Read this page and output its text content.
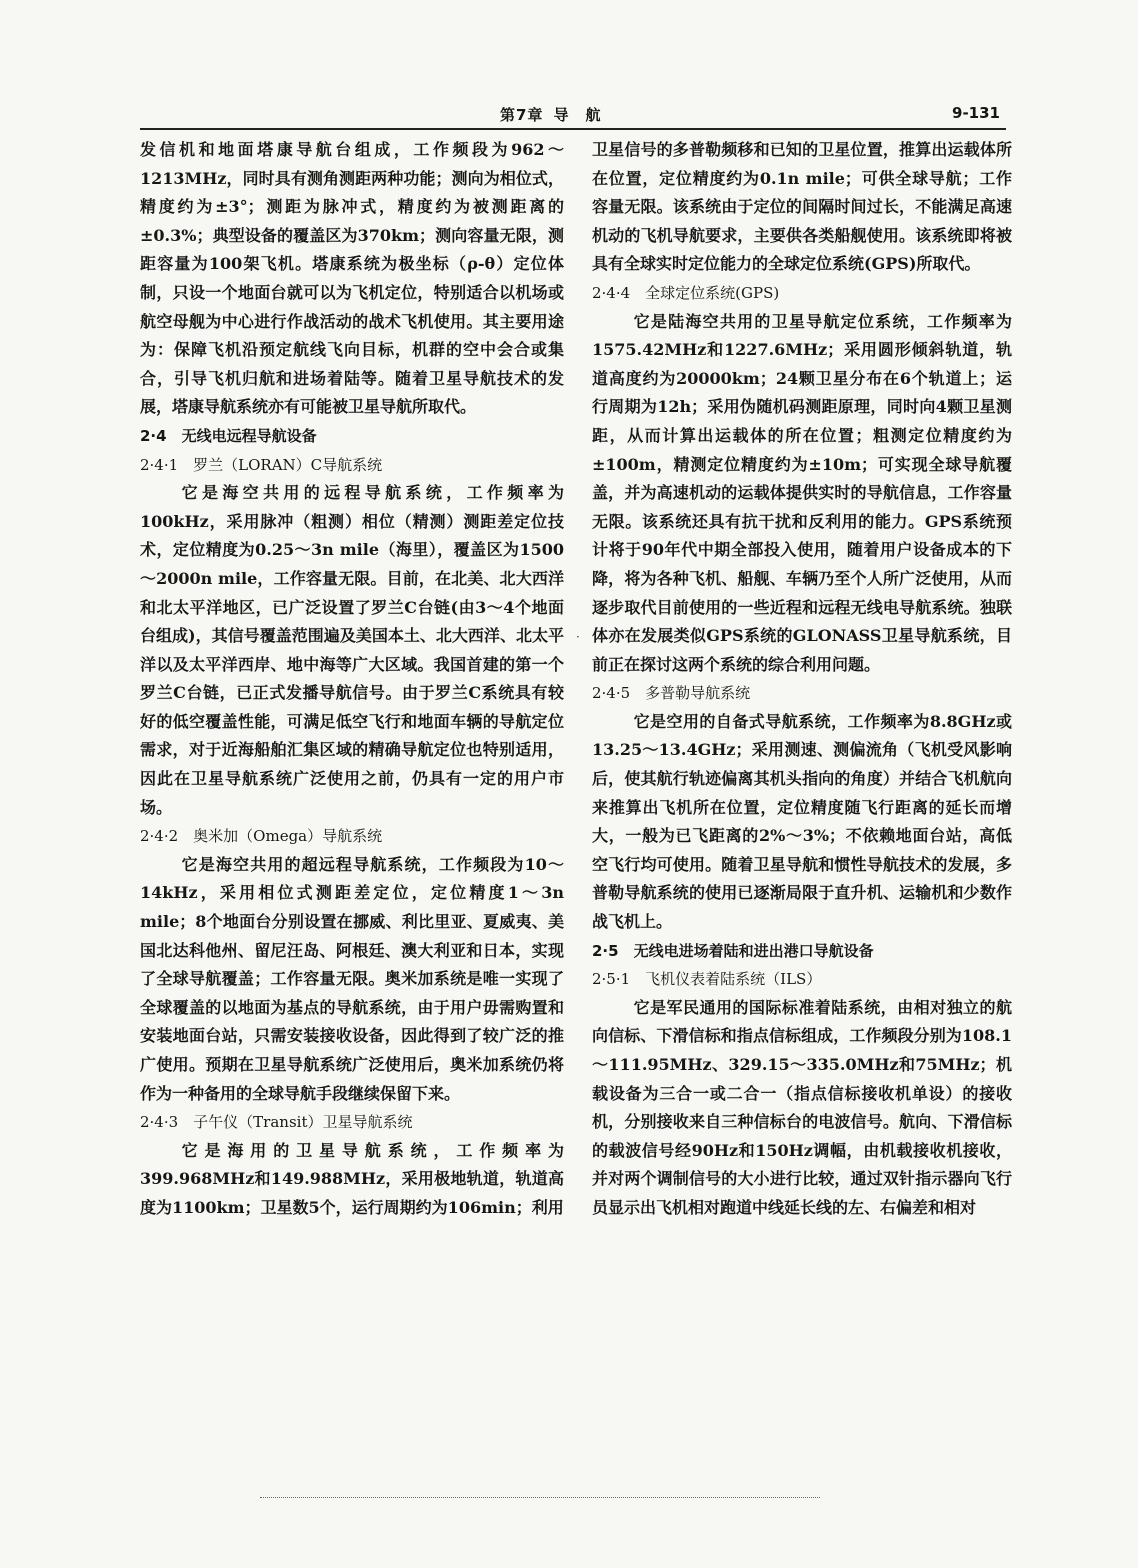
第7章 导　航	9-131

发信机和地面塔康导航台组成，工作频段为962～1213MHz，同时具有测角测距两种功能；测向为相位式，精度约为±3°；测距为脉冲式，精度约为被测距离的±0.3%；典型设备的覆盖区为370km；测向容量无限，测距容量为100架飞机。塔康系统为极坐标（ρ-θ）定位体制，只设一个地面台就可以为飞机定位，特别适合以机场或航空母舰为中心进行作战活动的战术飞机使用。其主要用途为：保障飞机沿预定航线飞向目标，机群的空中会合或集合，引导飞机归航和进场着陆等。随着卫星导航技术的发展，塔康导航系统亦有可能被卫星导航所取代。

2·4　无线电远程导航设备
2·4·1　罗兰（LORAN）C导航系统

它是海空共用的远程导航系统，工作频率为100kHz，采用脉冲（粗测）相位（精测）测距差定位技术，定位精度为0.25～3n mile（海里），覆盖区为1500～2000n mile，工作容量无限。目前，在北美、北大西洋和北太平洋地区，已广泛设置了罗兰C台链(由3～4个地面台组成)，其信号覆盖范围遍及美国本土、北大西洋、北太平洋以及太平洋西岸、地中海等广大区域。我国首建的第一个罗兰C台链，已正式发播导航信号。由于罗兰C系统具有较好的低空覆盖性能，可满足低空飞行和地面车辆的导航定位需求，对于近海船舶汇集区域的精确导航定位也特别适用，因此在卫星导航系统广泛使用之前，仍具有一定的用户市场。

2·4·2　奥米加（Omega）导航系统

它是海空共用的超远程导航系统，工作频段为10～14kHz，采用相位式测距差定位，定位精度1～3n mile；8个地面台分别设置在挪威、利比里亚、夏威夷、美国北达科他州、留尼汪岛、阿根廷、澳大利亚和日本，实现了全球导航覆盖；工作容量无限。奥米加系统是唯一实现了全球覆盖的以地面为基点的导航系统，由于用户毋需购置和安装地面台站，只需安装接收设备，因此得到了较广泛的推广使用。预期在卫星导航系统广泛使用后，奥米加系统仍将作为一种备用的全球导航手段继续保留下来。

2·4·3　子午仪（Transit）卫星导航系统

它是海用的卫星导航系统，工作频率为399.968MHz和149.988MHz，采用极地轨道，轨道高度为1100km；卫星数5个，运行周期约为106min；利用

卫星信号的多普勒频移和已知的卫星位置，推算出运载体所在位置，定位精度约为0.1n mile；可供全球导航；工作容量无限。该系统由于定位的间隔时间过长，不能满足高速机动的飞机导航要求，主要供各类船舰使用。该系统即将被具有全球实时定位能力的全球定位系统(GPS)所取代。

2·4·4　全球定位系统(GPS)

它是陆海空共用的卫星导航定位系统，工作频率为1575.42MHz和1227.6MHz；采用圆形倾斜轨道，轨道高度约为20000km；24颗卫星分布在6个轨道上；运行周期为12h；采用伪随机码测距原理，同时向4颗卫星测距，从而计算出运载体的所在位置；粗测定位精度约为±100m，精测定位精度约为±10m；可实现全球导航覆盖，并为高速机动的运载体提供实时的导航信息，工作容量无限。该系统还具有抗干扰和反利用的能力。GPS系统预计将于90年代中期全部投入使用，随着用户设备成本的下降，将为各种飞机、船舰、车辆乃至个人所广泛使用，从而逐步取代目前使用的一些近程和远程无线电导航系统。独联体亦在发展类似GPS系统的GLONASS卫星导航系统，目前正在探讨这两个系统的综合利用问题。

2·4·5　多普勒导航系统

它是空用的自备式导航系统，工作频率为8.8GHz或13.25～13.4GHz；采用测速、测偏流角（飞机受风影响后，使其航行轨迹偏离其机头指向的角度）并结合飞机航向来推算出飞机所在位置，定位精度随飞行距离的延长而增大，一般为已飞距离的2%～3%；不依赖地面台站，高低空飞行均可使用。随着卫星导航和惯性导航技术的发展，多普勒导航系统的使用已逐渐局限于直升机、运输机和少数作战飞机上。

2·5　无线电进场着陆和进出港口导航设备
2·5·1　飞机仪表着陆系统（ILS）

它是军民通用的国际标准着陆系统，由相对独立的航向信标、下滑信标和指点信标组成，工作频段分别为108.1～111.95MHz、329.15～335.0MHz和75MHz；机载设备为三合一或二合一（指点信标接收机单设）的接收机，分别接收来自三种信标台的电波信号。航向、下滑信标的载波信号经90Hz和150Hz调幅，由机载接收机接收，并对两个调制信号的大小进行比较，通过双针指示器向飞行员显示出飞机相对跑道中线延长线的左、右偏差和相对

·
